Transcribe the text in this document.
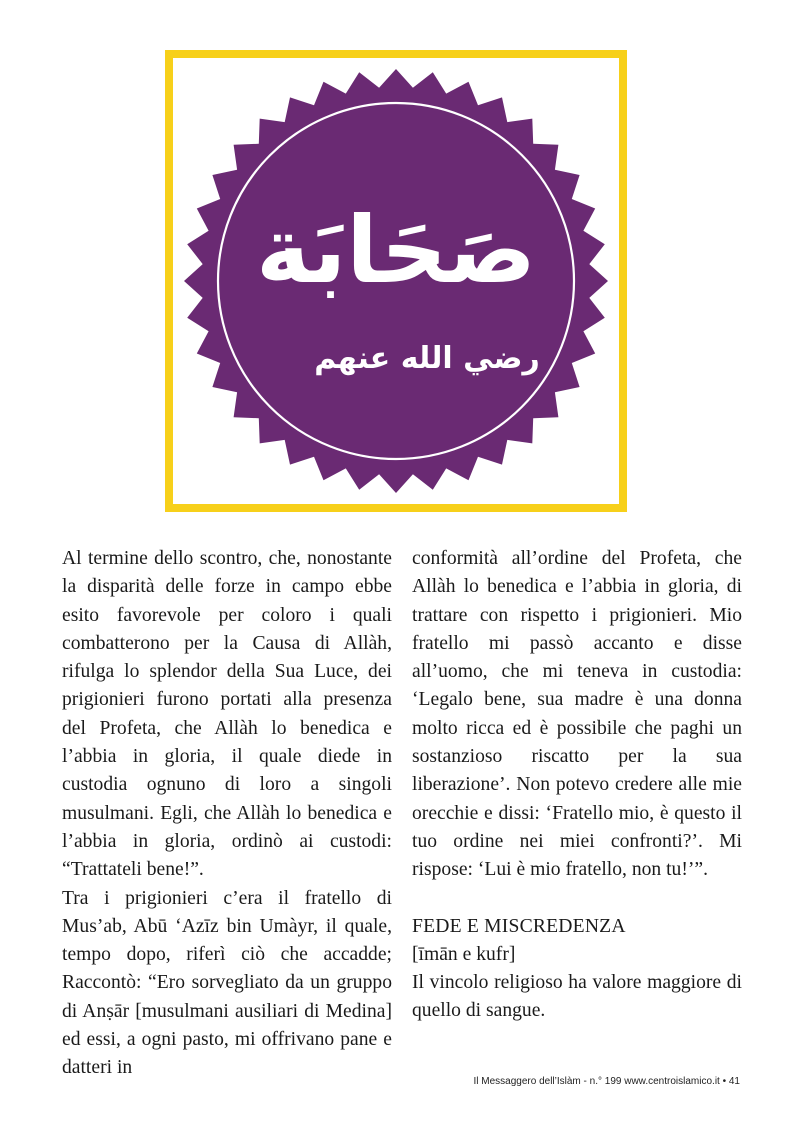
صَحَابَة
رضي الله عنهم

Al termine dello scontro, che, nonostante la disparità delle forze in campo ebbe esito favorevole per coloro i quali combatterono per la Causa di Allàh, rifulga lo splendor della Sua Luce, dei prigionieri furono portati alla presenza del Profeta, che Allàh lo benedica e l’abbia in gloria, il quale diede in custodia ognuno di loro a singoli musulmani. Egli, che Allàh lo benedica e l’abbia in gloria, ordinò ai custodi: “Trattateli bene!”.

Tra i prigionieri c’era il fratello di Mus’ab, Abū ‘Azīz bin Umàyr, il quale, tempo dopo, riferì ciò che accadde; Raccontò: “Ero sorvegliato da un gruppo di Anṣār [musulmani ausiliari di Medina] ed essi, a ogni pasto, mi offrivano pane e datteri in

conformità all’ordine del Profeta, che Allàh lo benedica e l’abbia in gloria, di trattare con rispetto i prigionieri. Mio fratello mi passò accanto e disse all’uomo, che mi teneva in custodia: ‘Legalo bene, sua madre è una donna molto ricca ed è possibile che paghi un sostanzioso riscatto per la sua liberazione’. Non potevo credere alle mie orecchie e dissi: ‘Fratello mio, è questo il tuo ordine nei miei confronti?’. Mi rispose: ‘Lui è mio fratello, non tu!’”.

FEDE E MISCREDENZA

[īmān e kufr]

Il vincolo religioso ha valore maggiore di quello di sangue.

Il Messaggero dell’Islàm - n.° 199 www.centroislamico.it • 41
